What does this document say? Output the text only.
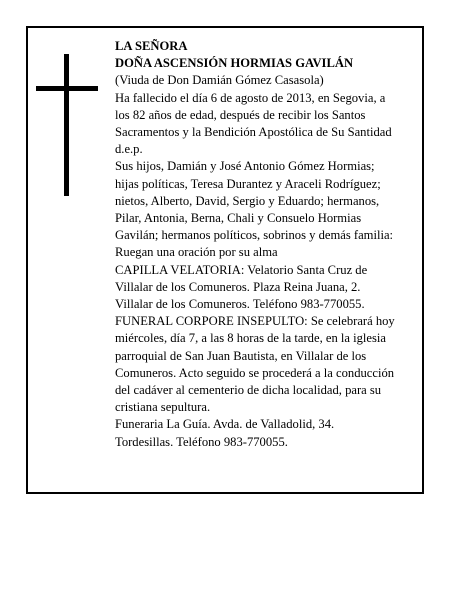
LA SEÑORA
DOÑA ASCENSIÓN HORMIAS GAVILÁN
(Viuda de Don Damián Gómez Casasola)
Ha fallecido el día 6 de agosto de 2013, en Segovia, a
los 82 años de edad, después de recibir los Santos
Sacramentos y la Bendición Apostólica de Su Santidad
d.e.p.
Sus hijos, Damián y José Antonio Gómez Hormias;
hijas políticas, Teresa Durantez y Araceli Rodríguez;
nietos, Alberto, David, Sergio y Eduardo; hermanos,
Pilar, Antonia, Berna, Chali y Consuelo Hormias
Gavilán; hermanos políticos, sobrinos y demás familia:
Ruegan una oración por su alma
CAPILLA VELATORIA: Velatorio Santa Cruz de
Villalar de los Comuneros. Plaza Reina Juana, 2.
Villalar de los Comuneros. Teléfono 983-770055.
FUNERAL CORPORE INSEPULTO: Se celebrará hoy
miércoles, día 7, a las 8 horas de la tarde, en la iglesia
parroquial de San Juan Bautista, en Villalar de los
Comuneros. Acto seguido se procederá a la conducción
del cadáver al cementerio de dicha localidad, para su
cristiana sepultura.
Funeraria La Guía. Avda. de Valladolid, 34.
Tordesillas. Teléfono 983-770055.
